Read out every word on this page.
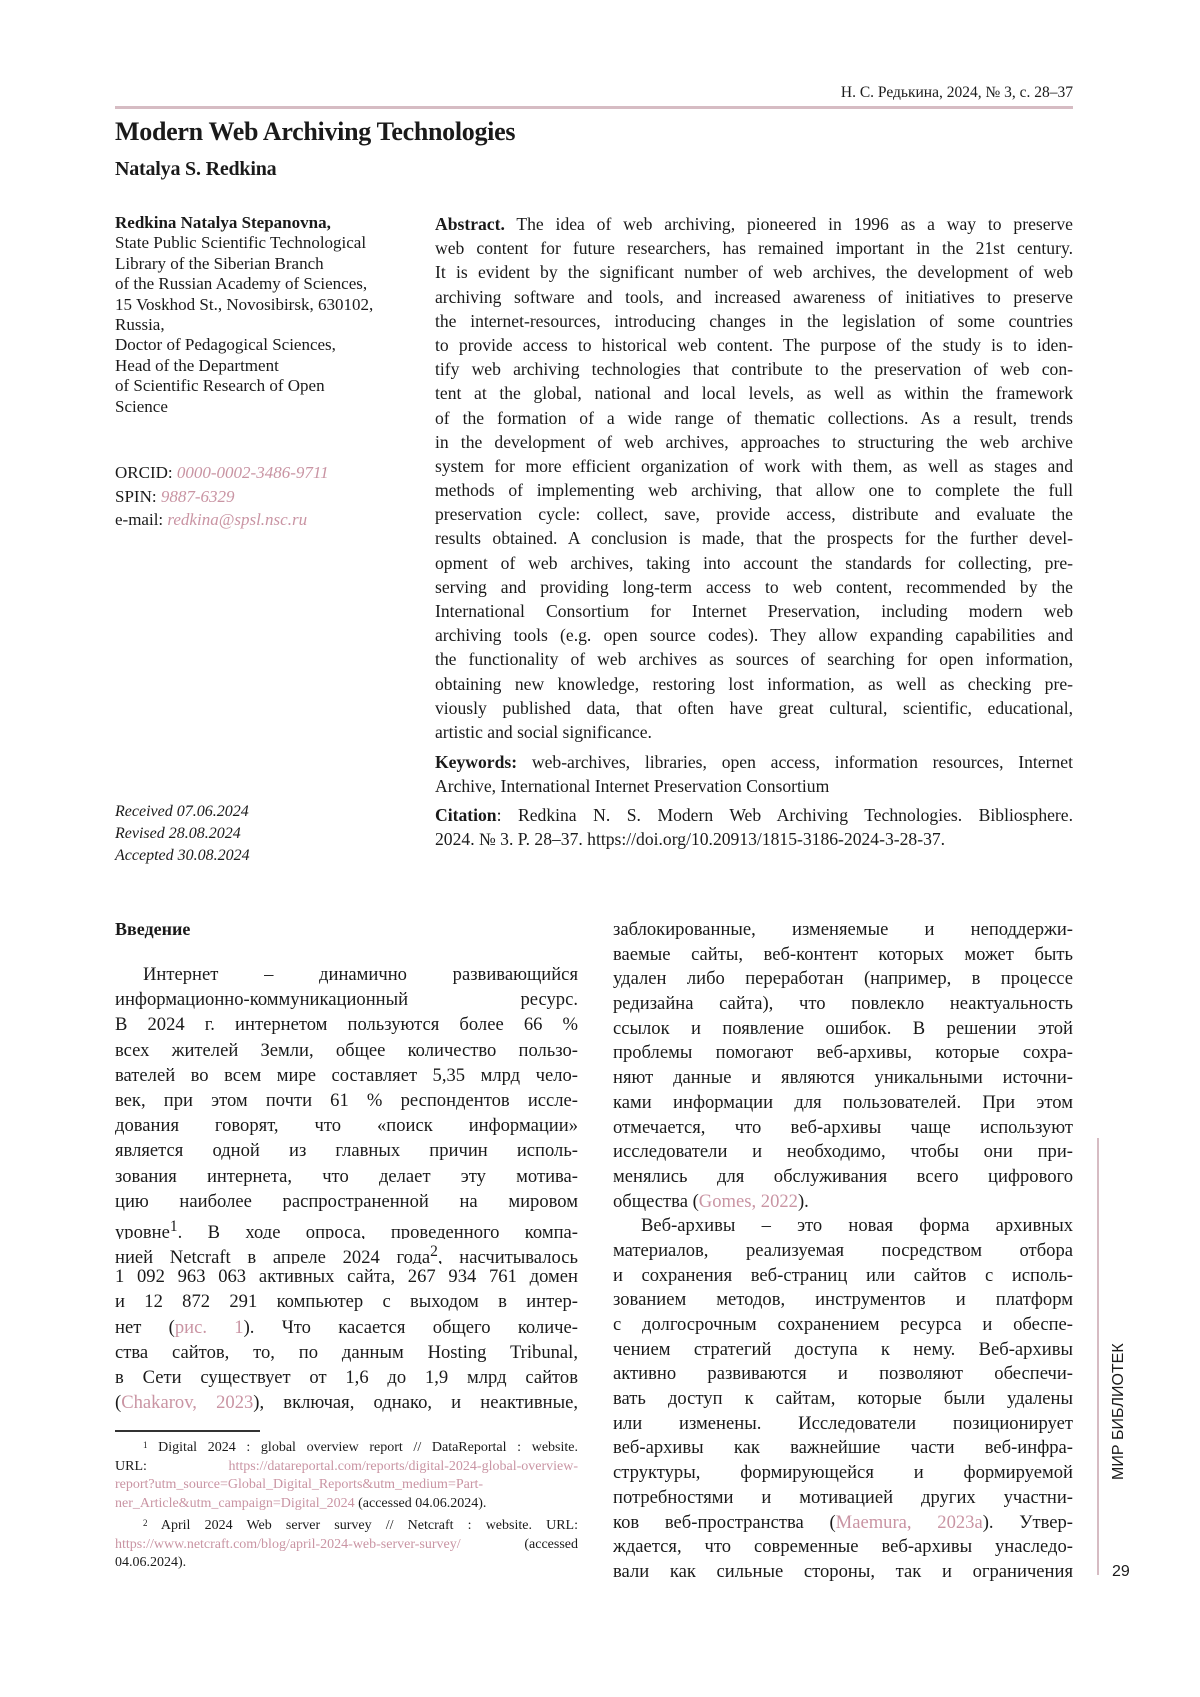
Н. С. Редькина, 2024, № 3, с. 28–37
Modern Web Archiving Technologies
Natalya S. Redkina
Redkina Natalya Stepanovna,
State Public Scientific Technological
Library of the Siberian Branch
of the Russian Academy of Sciences,
15 Voskhod St., Novosibirsk, 630102,
Russia,
Doctor of Pedagogical Sciences,
Head of the Department
of Scientific Research of Open
Science
ORCID: 0000-0002-3486-9711
SPIN: 9887-6329
e-mail: redkina@spsl.nsc.ru
Received 07.06.2024
Revised 28.08.2024
Accepted 30.08.2024
Abstract. The idea of web archiving, pioneered in 1996 as a way to preserve
web content for future researchers, has remained important in the 21st century.
It is evident by the significant number of web archives, the development of web
archiving software and tools, and increased awareness of initiatives to preserve
the internet-resources, introducing changes in the legislation of some countries
to provide access to historical web content. The purpose of the study is to iden-
tify web archiving technologies that contribute to the preservation of web con-
tent at the global, national and local levels, as well as within the framework
of the formation of a wide range of thematic collections. As a result, trends
in the development of web archives, approaches to structuring the web archive
system for more efficient organization of work with them, as well as stages and
methods of implementing web archiving, that allow one to complete the full
preservation cycle: collect, save, provide access, distribute and evaluate the
results obtained. A conclusion is made, that the prospects for the further devel-
opment of web archives, taking into account the standards for collecting, pre-
serving and providing long-term access to web content, recommended by the
International Consortium for Internet Preservation, including modern web
archiving tools (e.g. open source codes). They allow expanding capabilities and
the functionality of web archives as sources of searching for open information,
obtaining new knowledge, restoring lost information, as well as checking pre-
viously published data, that often have great cultural, scientific, educational,
artistic and social significance.
Keywords: web-archives, libraries, open access, information resources, Internet
Archive, International Internet Preservation Consortium
Citation: Redkina N. S. Modern Web Archiving Technologies. Bibliosphere.
2024. № 3. P. 28–37. https://doi.org/10.20913/1815-3186-2024-3-28-37.
Введение
Интернет – динамично развивающийся
информационно-коммуникационный ресурс.
В 2024 г. интернетом пользуются более 66 %
всех жителей Земли, общее количество пользо-
вателей во всем мире составляет 5,35 млрд чело-
век, при этом почти 61 % респондентов иссле-
дования говорят, что «поиск информации»
является одной из главных причин исполь-
зования интернета, что делает эту мотива-
цию наиболее распространенной на мировом
уровне1. В ходе опроса, проведенного компа-
нией Netcraft в апреле 2024 года2, насчитывалось
1 092 963 063 активных сайта, 267 934 761 домен
и 12 872 291 компьютер с выходом в интер-
нет (рис. 1). Что касается общего количе-
ства сайтов, то, по данным Hosting Tribunal,
в Сети существует от 1,6 до 1,9 млрд сайтов
(Chakarov, 2023), включая, однако, и неактивные,
заблокированные, изменяемые и неподдержи-
ваемые сайты, веб-контент которых может быть
удален либо переработан (например, в процессе
редизайна сайта), что повлекло неактуальность
ссылок и появление ошибок. В решении этой
проблемы помогают веб-архивы, которые сохра-
няют данные и являются уникальными источни-
ками информации для пользователей. При этом
отмечается, что веб-архивы чаще используют
исследователи и необходимо, чтобы они при-
менялись для обслуживания всего цифрового
общества (Gomes, 2022).
Веб-архивы – это новая форма архивных
материалов, реализуемая посредством отбора
и сохранения веб-страниц или сайтов с исполь-
зованием методов, инструментов и платформ
с долгосрочным сохранением ресурса и обеспе-
чением стратегий доступа к нему. Веб-архивы
активно развиваются и позволяют обеспечи-
вать доступ к сайтам, которые были удалены
или изменены. Исследователи позиционирует
веб-архивы как важнейшие части веб-инфра-
структуры, формирующейся и формируемой
потребностями и мотивацией других участни-
ков веб-пространства (Maemura, 2023a). Утвер-
ждается, что современные веб-архивы унаследо-
вали как сильные стороны, так и ограничения
1 Digital 2024 : global overview report // DataReportal : website.
URL: https://datareportal.com/reports/digital-2024-global-overview-
report?utm_source=Global_Digital_Reports&utm_medium=Part-
ner_Article&utm_campaign=Digital_2024 (accessed 04.06.2024).
2 April 2024 Web server survey // Netcraft : website. URL:
https://www.netcraft.com/blog/april-2024-web-server-survey/ (accessed
04.06.2024).
МИР БИБЛИОТЕК
29
